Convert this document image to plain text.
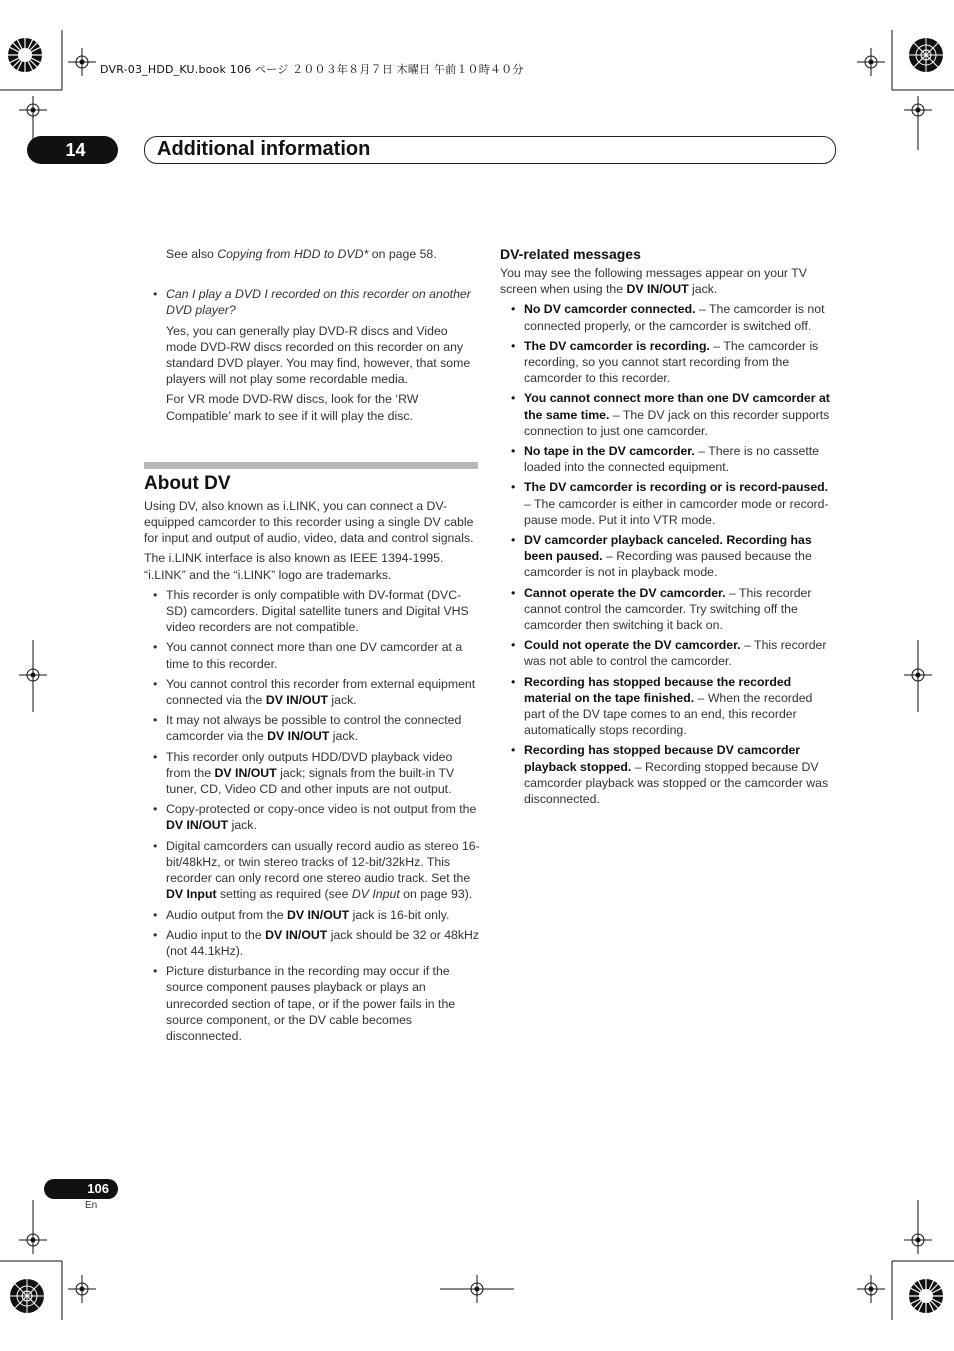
DVR-03_HDD_KU.book 106 ページ ２００３年８月７日 木曜日 午前１０時４０分
14	Additional information

See also Copying from HDD to DVD* on page 58.

• Can I play a DVD I recorded on this recorder on another DVD player?

Yes, you can generally play DVD-R discs and Video mode DVD-RW discs recorded on this recorder on any standard DVD player. You may find, however, that some players will not play some recordable media.

For VR mode DVD-RW discs, look for the ‘RW Compatible’ mark to see if it will play the disc.

About DV

Using DV, also known as i.LINK, you can connect a DV-equipped camcorder to this recorder using a single DV cable for input and output of audio, video, data and control signals.

The i.LINK interface is also known as IEEE 1394-1995. “i.LINK” and the “i.LINK” logo are trademarks.

• This recorder is only compatible with DV-format (DVC-SD) camcorders. Digital satellite tuners and Digital VHS video recorders are not compatible.

• You cannot connect more than one DV camcorder at a time to this recorder.

• You cannot control this recorder from external equipment connected via the DV IN/OUT jack.

• It may not always be possible to control the connected camcorder via the DV IN/OUT jack.

• This recorder only outputs HDD/DVD playback video from the DV IN/OUT jack; signals from the built-in TV tuner, CD, Video CD and other inputs are not output.

• Copy-protected or copy-once video is not output from the DV IN/OUT jack.

• Digital camcorders can usually record audio as stereo 16-bit/48kHz, or twin stereo tracks of 12-bit/32kHz. This recorder can only record one stereo audio track. Set the DV Input setting as required (see DV Input on page 93).

• Audio output from the DV IN/OUT jack is 16-bit only.

• Audio input to the DV IN/OUT jack should be 32 or 48kHz (not 44.1kHz).

• Picture disturbance in the recording may occur if the source component pauses playback or plays an unrecorded section of tape, or if the power fails in the source component, or the DV cable becomes disconnected.

DV-related messages

You may see the following messages appear on your TV screen when using the DV IN/OUT jack.

• No DV camcorder connected. – The camcorder is not connected properly, or the camcorder is switched off.

• The DV camcorder is recording. – The camcorder is recording, so you cannot start recording from the camcorder to this recorder.

• You cannot connect more than one DV camcorder at the same time. – The DV jack on this recorder supports connection to just one camcorder.

• No tape in the DV camcorder. – There is no cassette loaded into the connected equipment.

• The DV camcorder is recording or is record-paused. – The camcorder is either in camcorder mode or record-pause mode. Put it into VTR mode.

• DV camcorder playback canceled. Recording has been paused. – Recording was paused because the camcorder is not in playback mode.

• Cannot operate the DV camcorder. – This recorder cannot control the camcorder. Try switching off the camcorder then switching it back on.

• Could not operate the DV camcorder. – This recorder was not able to control the camcorder.

• Recording has stopped because the recorded material on the tape finished. – When the recorded part of the DV tape comes to an end, this recorder automatically stops recording.

• Recording has stopped because DV camcorder playback stopped. – Recording stopped because DV camcorder playback was stopped or the camcorder was disconnected.

106
En
